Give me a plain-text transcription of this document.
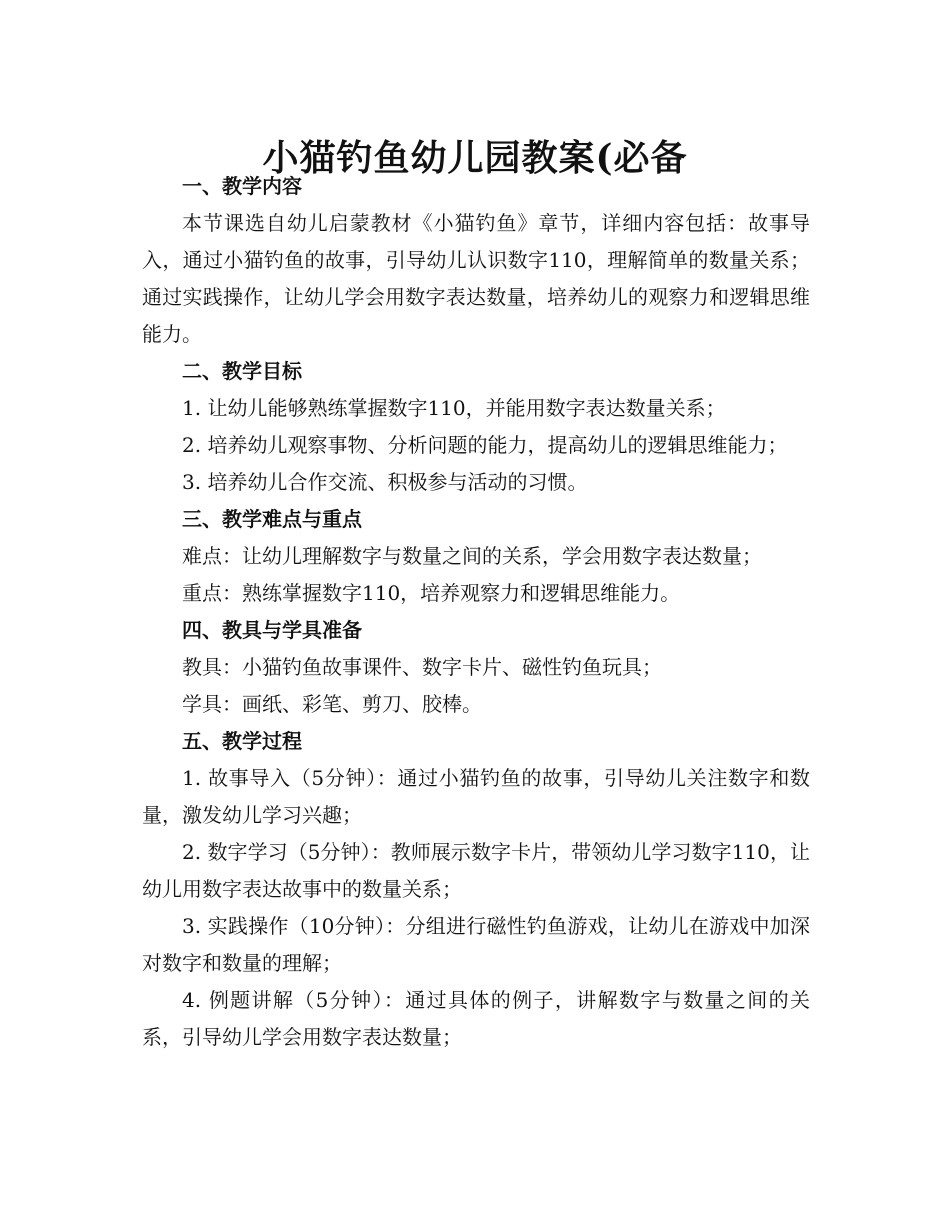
小猫钓鱼幼儿园教案(必备
一、教学内容

本节课选自幼儿启蒙教材《小猫钓鱼》章节，详细内容包括：故事导入，通过小猫钓鱼的故事，引导幼儿认识数字110，理解简单的数量关系；通过实践操作，让幼儿学会用数字表达数量，培养幼儿的观察力和逻辑思维能力。

二、教学目标

1. 让幼儿能够熟练掌握数字110，并能用数字表达数量关系；

2. 培养幼儿观察事物、分析问题的能力，提高幼儿的逻辑思维能力；

3. 培养幼儿合作交流、积极参与活动的习惯。

三、教学难点与重点

难点：让幼儿理解数字与数量之间的关系，学会用数字表达数量；

重点：熟练掌握数字110，培养观察力和逻辑思维能力。

四、教具与学具准备

教具：小猫钓鱼故事课件、数字卡片、磁性钓鱼玩具；

学具：画纸、彩笔、剪刀、胶棒。

五、教学过程

1. 故事导入（5分钟）：通过小猫钓鱼的故事，引导幼儿关注数字和数量，激发幼儿学习兴趣；

2. 数字学习（5分钟）：教师展示数字卡片，带领幼儿学习数字110，让幼儿用数字表达故事中的数量关系；

3. 实践操作（10分钟）：分组进行磁性钓鱼游戏，让幼儿在游戏中加深对数字和数量的理解；

4. 例题讲解（5分钟）：通过具体的例子，讲解数字与数量之间的关系，引导幼儿学会用数字表达数量；
